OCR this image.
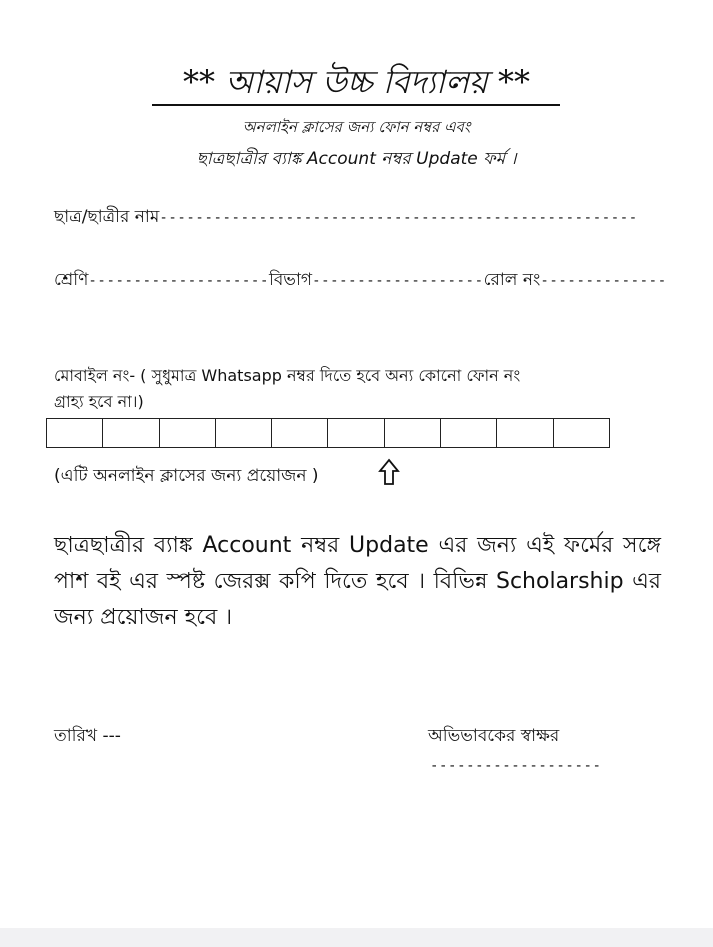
** আয়াস উচ্চ বিদ্যালয় **
অনলাইন ক্লাসের জন্য ফোন নম্বর এবং
ছাত্রছাত্রীর ব্যাঙ্ক Account নম্বর Update ফর্ম ।
ছাত্র/ছাত্রীর নাম-----------------------------------------------------
শ্রেণি--------------------বিভাগ-------------------রোল নং--------------
মোবাইল নং- ( সুধুমাত্র Whatsapp নম্বর দিতে হবে অন্য কোনো ফোন নং
গ্রাহ্য হবে না।)
(এটি অনলাইন ক্লাসের জন্য প্রয়োজন )
ছাত্রছাত্রীর ব্যাঙ্ক Account নম্বর Update এর জন্য এই ফর্মের সঙ্গে পাশ বই এর স্পষ্ট জেরক্স কপি দিতে হবে । বিভিন্ন Scholarship এর জন্য প্রয়োজন হবে ।
তারিখ ---	অভিভাবকের স্বাক্ষর
-------------------
